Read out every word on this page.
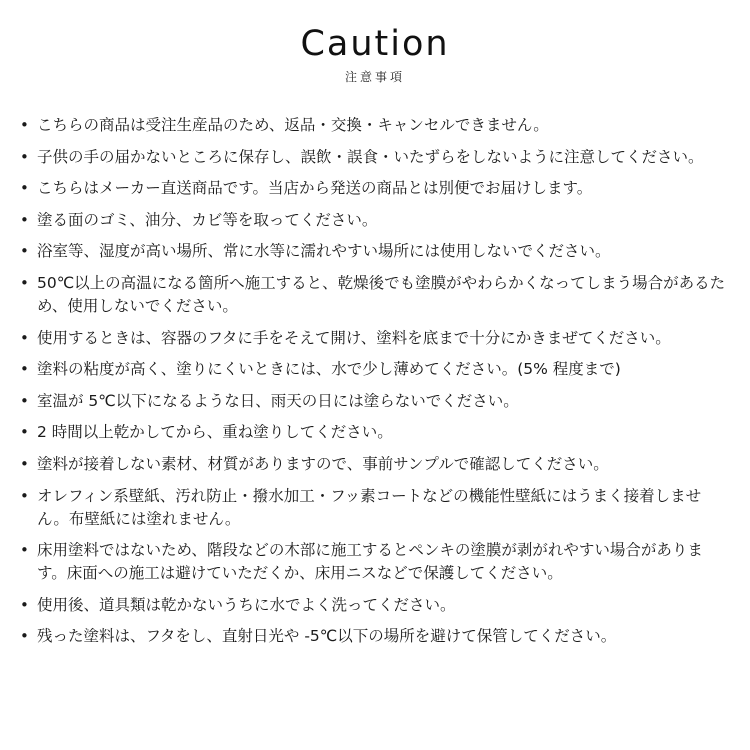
Caution
注意事項
• こちらの商品は受注生産品のため、返品・交換・キャンセルできません。
• 子供の手の届かないところに保存し、誤飲・誤食・いたずらをしないように注意してください。
• こちらはメーカー直送商品です。当店から発送の商品とは別便でお届けします。
• 塗る面のゴミ、油分、カビ等を取ってください。
• 浴室等、湿度が高い場所、常に水等に濡れやすい場所には使用しないでください。
• 50℃以上の高温になる箇所へ施工すると、乾燥後でも塗膜がやわらかくなってしまう場合があるため、使用しないでください。
• 使用するときは、容器のフタに手をそえて開け、塗料を底まで十分にかきまぜてください。
• 塗料の粘度が高く、塗りにくいときには、水で少し薄めてください。(5% 程度まで)
• 室温が 5℃以下になるような日、雨天の日には塗らないでください。
• 2 時間以上乾かしてから、重ね塗りしてください。
• 塗料が接着しない素材、材質がありますので、事前サンプルで確認してください。
• オレフィン系壁紙、汚れ防止・撥水加工・フッ素コートなどの機能性壁紙にはうまく接着しません。布壁紙には塗れません。
• 床用塗料ではないため、階段などの木部に施工するとペンキの塗膜が剥がれやすい場合があります。床面への施工は避けていただくか、床用ニスなどで保護してください。
• 使用後、道具類は乾かないうちに水でよく洗ってください。
• 残った塗料は、フタをし、直射日光や -5℃以下の場所を避けて保管してください。
